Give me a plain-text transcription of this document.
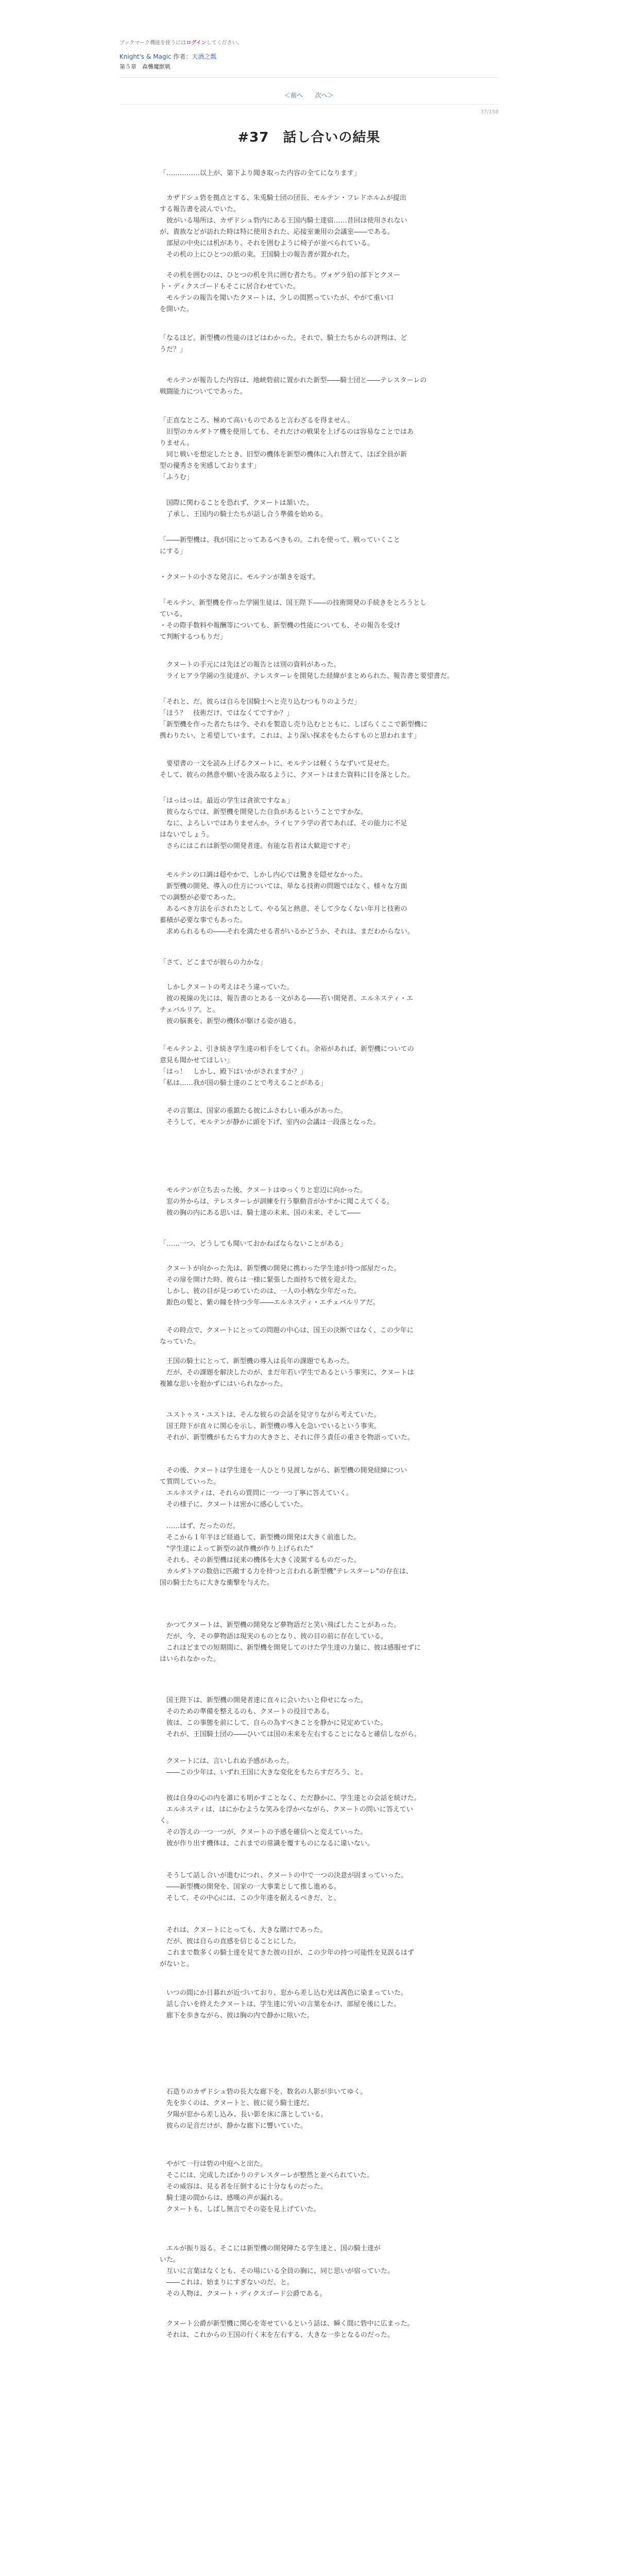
ブックマーク機能を使うにはログインしてください。
Knight's & Magic 作者：天酒之瓢
第５章　森襲魔獣戦
＜前へ 次へ＞
37/158
#37　話し合いの結果

「……………以上が、第下より聞き取った内容の全てになります」

　カザドシュ砦を拠点とする、朱兎騎士団の団長、モルテン・フレドホルムが提出
する報告書を読んでいた。
　彼がいる場所は、カザドシュ砦内にある王国内騎士達宿……昔回は使用されない
が、貴族などが訪れた時は特に使用された、応接室兼用の会議室――である。
　部屋の中央には机があり、それを囲むように椅子が並べられている。
　その机の上にひとつの紙の束。王国騎士の報告書が置かれた。

　その机を囲むのは、ひとつの机を共に囲む者たち。ヴォゲラ伯の部下とクヌー
ト・ディクスゴードもそこに居合わせていた。
　モルテンの報告を聞いたクヌートは、少しの間黙っていたが、やがて重い口
を開いた。

「なるほど。新型機の性能のほどはわかった。それで、騎士たちからの評判は、ど
うだ？」

　モルテンが報告した内容は、地峡砦前に置かれた新型――騎士団と――テレスターレの
戦闘能力についてであった。

「正直なところ、極めて高いものであると言わざるを得ません。
　旧型のカルダトア機を使用しても、それだけの戦果を上げるのは容易なことではあ
りません。
　同じ戦いを想定したとき、旧型の機体を新型の機体に入れ替えて、ほぼ全員が新
型の優秀さを実感しております」
「ふうむ」

　国際に関わることを恐れず、クヌートは頷いた。
　了承し、王国内の騎士たちが話し合う準備を始める。

「――新型機は、我が国にとってあるべきもの。これを使って、戦っていくこと
にする」

・クヌートの小さな発言に、モルテンが頷きを返す。

「モルテン、新型機を作った学園生徒は、国王陛下――の技術開発の手続きをとろうとし
ている。
・その際手数料や報酬等についても、新型機の性能についても、その報告を受け
て判断するつもりだ」

　クヌートの手元には先ほどの報告とは別の資料があった。
　ライヒアラ学園の生徒達が、テレスターレを開発した経緯がまとめられた、報告書と要望書だ。

「それと、だ。彼らは自らを国騎士へと売り込むつもりのようだ」
「ほう？　技術だけ、ではなくてですか？」
「新型機を作った者たちは今、それを製造し売り込むとともに、しばらくここで新型機に
携わりたい、と希望しています。これは、より深い探求をもたらすものと思われます」

　要望書の一文を読み上げるクヌートに、モルテンは軽くうなずいて見せた。
そして、彼らの熱意や願いを汲み取るように、クヌートはまた資料に目を落とした。

「はっはっは。最近の学生は貪欲ですなぁ」
　彼らならでは、新型機を開発した自負があるということですかな。
　なに、よろしいではありませんか。ライヒアラ学の者であれば、その能力に不足
はないでしょう。
　さらにはこれは新型の開発者達。有能な若者は大歓迎ですぞ」

　モルテンの口調は穏やかで、しかし内心では驚きを隠せなかった。
　新型機の開発、導入の仕方については、単なる技術の問題ではなく、様々な方面
での調整が必要であった。
　あるべき方法を示されたとして、やる気と熱意、そして少なくない年月と技術の
蓄積が必要な事でもあった。
　求められるもの――それを満たせる者がいるかどうか、それは、まだわからない。

「さて、どこまでが彼らの力かな」

　しかしクヌートの考えはそう違っていた。
　彼の視線の先には、報告書のとある一文がある――若い開発者、エルネスティ・エ
チェバルリア。と。
　彼の脳裏を、新型の機体が駆ける姿が過る。

「モルテンよ、引き続き学生達の相手をしてくれ。余裕があれば、新型機についての
意見も聞かせてほしい」
「はっ！　しかし、殿下はいかがされますか？」
「私は……我が国の騎士達のことで考えることがある」

　その言葉は、国家の重鎮たる彼にふさわしい重みがあった。
　そうして、モルテンが静かに頭を下げ、室内の会議は一段落となった。

　モルテンが立ち去った後、クヌートはゆっくりと窓辺に向かった。
　窓の外からは、テレスターレが訓練を行う駆動音がかすかに聞こえてくる。
　彼の胸の内にある思いは、騎士達の未来、国の未来、そして――

「……一つ、どうしても聞いておかねばならないことがある」

　クヌートが向かった先は、新型機の開発に携わった学生達が待つ部屋だった。
　その扉を開けた時、彼らは一様に緊張した面持ちで彼を迎えた。
　しかし、彼の目が見つめていたのは、一人の小柄な少年だった。
　銀色の髪と、紫の瞳を持つ少年――エルネスティ・エチェバルリアだ。

　その時点で、クヌートにとっての問題の中心は、国王の決断ではなく、この少年に
なっていた。

　王国の騎士にとって、新型機の導入は長年の課題でもあった。
　だが、その課題を解決したのが、まだ年若い学生であるという事実に、クヌートは
複雑な思いを抱かずにはいられなかった。

　ユストゥス・ユストは、そんな彼らの会話を見守りながら考えていた。
　国王陛下が直々に関心を示し、新型機の導入を急いでいるという事実。
　それが、新型機がもたらす力の大きさと、それに伴う責任の重さを物語っていた。

　その後、クヌートは学生達を一人ひとり見渡しながら、新型機の開発経緯につい
て質問していった。
　エルネスティは、それらの質問に一つ一つ丁寧に答えていく。
　その様子に、クヌートは密かに感心していた。

　……はず、だったのだ。
　そこから１年半ほど経過して、新型機の開発は大きく前進した。
　"学生達によって新型の試作機が作り上げられた"
　それも、その新型機は従来の機体を大きく凌駕するものだった。
　カルダトアの数倍に匹敵する力を持つと言われる新型機"テレスターレ"の存在は、
国の騎士たちに大きな衝撃を与えた。

　かつてクヌートは、新型機の開発など夢物語だと笑い飛ばしたことがあった。
　だが、今、その夢物語は現実のものとなり、彼の目の前に存在している。
　これほどまでの短期間に、新型機を開発してのけた学生達の力量に、彼は感服せずに
はいられなかった。

　国王陛下は、新型機の開発者達に直々に会いたいと仰せになった。
　そのための準備を整えるのも、クヌートの役目である。
　彼は、この事態を前にして、自らの為すべきことを静かに見定めていた。
　それが、王国騎士団の――ひいては国の未来を左右することになると確信しながら。

　クヌートには、言いしれぬ予感があった。
　――この少年は、いずれ王国に大きな変化をもたらすだろう、と。

　彼は自身の心の内を誰にも明かすことなく、ただ静かに、学生達との会話を続けた。
　エルネスティは、はにかむような笑みを浮かべながら、クヌートの問いに答えてい
く。
　その答えの一つ一つが、クヌートの予感を確信へと変えていった。
　彼が作り出す機体は、これまでの常識を覆すものになるに違いない。

　そうして話し合いが進むにつれ、クヌートの中で一つの決意が固まっていった。
　――新型機の開発を、国家の一大事業として推し進める。
　そして、その中心には、この少年達を据えるべきだ、と。

　それは、クヌートにとっても、大きな賭けであった。
　だが、彼は自らの直感を信じることにした。
　これまで数多くの騎士達を見てきた彼の目が、この少年の持つ可能性を見誤るはず
がないと。

　いつの間にか日暮れが近づいており、窓から差し込む光は茜色に染まっていた。
　話し合いを終えたクヌートは、学生達に労いの言葉をかけ、部屋を後にした。
　廊下を歩きながら、彼は胸の内で静かに呟いた。

　石造りのカザドシュ砦の長大な廊下を、数名の人影が歩いてゆく。
　先を歩くのは、クヌートと、彼に従う騎士達だ。
　夕陽が窓から差し込み、長い影を床に落としている。
　彼らの足音だけが、静かな廊下に響いていた。

　やがて一行は砦の中庭へと出た。
　そこには、完成したばかりのテレスターレが整然と並べられていた。
　その威容は、見る者を圧倒するに十分なものだった。
　騎士達の間からは、感嘆の声が漏れる。
　クヌートも、しばし無言でその姿を見上げていた。

　エルが振り返る。そこには新型機の開発陣たる学生達と、国の騎士達が
いた。
　互いに言葉はなくとも、その場にいる全員の胸に、同じ思いが宿っていた。
　――これは、始まりにすぎないのだ、と。
　その人物は、クヌート・ディクスゴード公爵である。

　クヌート公爵が新型機に関心を寄せているという話は、瞬く間に砦中に広まった。
　それは、これからの王国の行く末を左右する、大きな一歩となるのだった。
